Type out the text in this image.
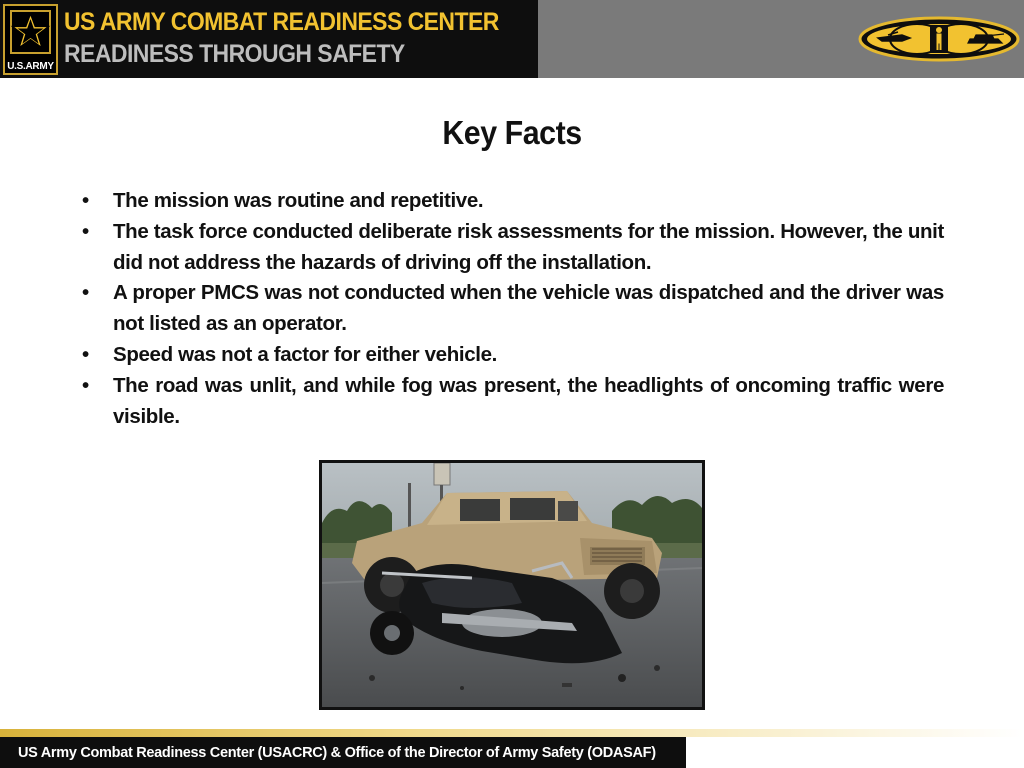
U.S.ARMY
US ARMY COMBAT READINESS CENTER
READINESS THROUGH SAFETY
Key Facts
• The mission was routine and repetitive.
• The task force conducted deliberate risk assessments for the mission. However, the unit did not address the hazards of driving off the installation.
• A proper PMCS was not conducted when the vehicle was dispatched and the driver was not listed as an operator.
• Speed was not a factor for either vehicle.
• The road was unlit, and while fog was present, the headlights of oncoming traffic were visible.
US Army Combat Readiness Center (USACRC) & Office of the Director of Army Safety (ODASAF)
